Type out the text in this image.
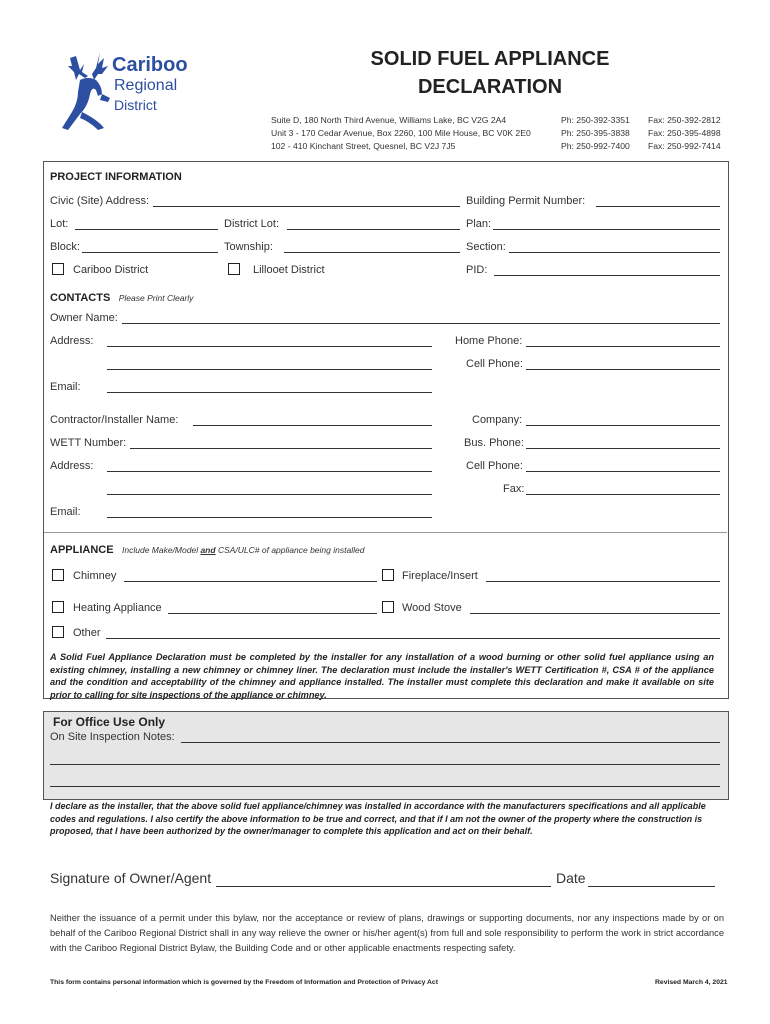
Cariboo
Regional
District
SOLID FUEL APPLIANCE
DECLARATION
Suite D, 180 North Third Avenue, Williams Lake, BC V2G 2A4	Ph: 250-392-3351 Fax: 250-392-2812
Unit 3 - 170 Cedar Avenue, Box 2260, 100 Mile House, BC V0K 2E0	Ph: 250-395-3838 Fax: 250-395-4898
102 - 410 Kinchant Street, Quesnel, BC V2J 7J5	Ph: 250-992-7400 Fax: 250-992-7414
PROJECT INFORMATION
Civic (Site) Address:	Building Permit Number:
Lot:	District Lot:	Plan:
Block:	Township:	Section:
Cariboo District	Lillooet District	PID:
CONTACTS Please Print Clearly
Owner Name:
Address:	Home Phone:
Cell Phone:
Email:
Contractor/Installer Name:	Company:
WETT Number:	Bus. Phone:
Address:	Cell Phone:
Fax:
Email:
APPLIANCE Include Make/Model and CSA/ULC# of appliance being installed
Chimney	Fireplace/Insert
Heating Appliance	Wood Stove
Other
A Solid Fuel Appliance Declaration must be completed by the installer for any installation of a wood burning or other solid fuel appliance using an existing chimney, installing a new chimney or chimney liner. The declaration must include the installer's WETT Certification #, CSA # of the appliance and the condition and acceptability of the chimney and appliance installed. The installer must complete this declaration and make it available on site prior to calling for site inspections of the appliance or chimney.
For Office Use Only
On Site Inspection Notes:
I declare as the installer, that the above solid fuel appliance/chimney was installed in accordance with the manufacturers specifications and all applicable codes and regulations. I also certify the above information to be true and correct, and that if I am not the owner of the property where the construction is proposed, that I have been authorized by the owner/manager to complete this application and act on their behalf.
Signature of Owner/Agent	Date
Neither the issuance of a permit under this bylaw, nor the acceptance or review of plans, drawings or supporting documents, nor any inspections made by or on behalf of the Cariboo Regional District shall in any way relieve the owner or his/her agent(s) from full and sole responsibility to perform the work in strict accordance with the Cariboo Regional District Bylaw, the Building Code and or other applicable enactments respecting safety.
This form contains personal information which is governed by the Freedom of Information and Protection of Privacy Act	Revised March 4, 2021
